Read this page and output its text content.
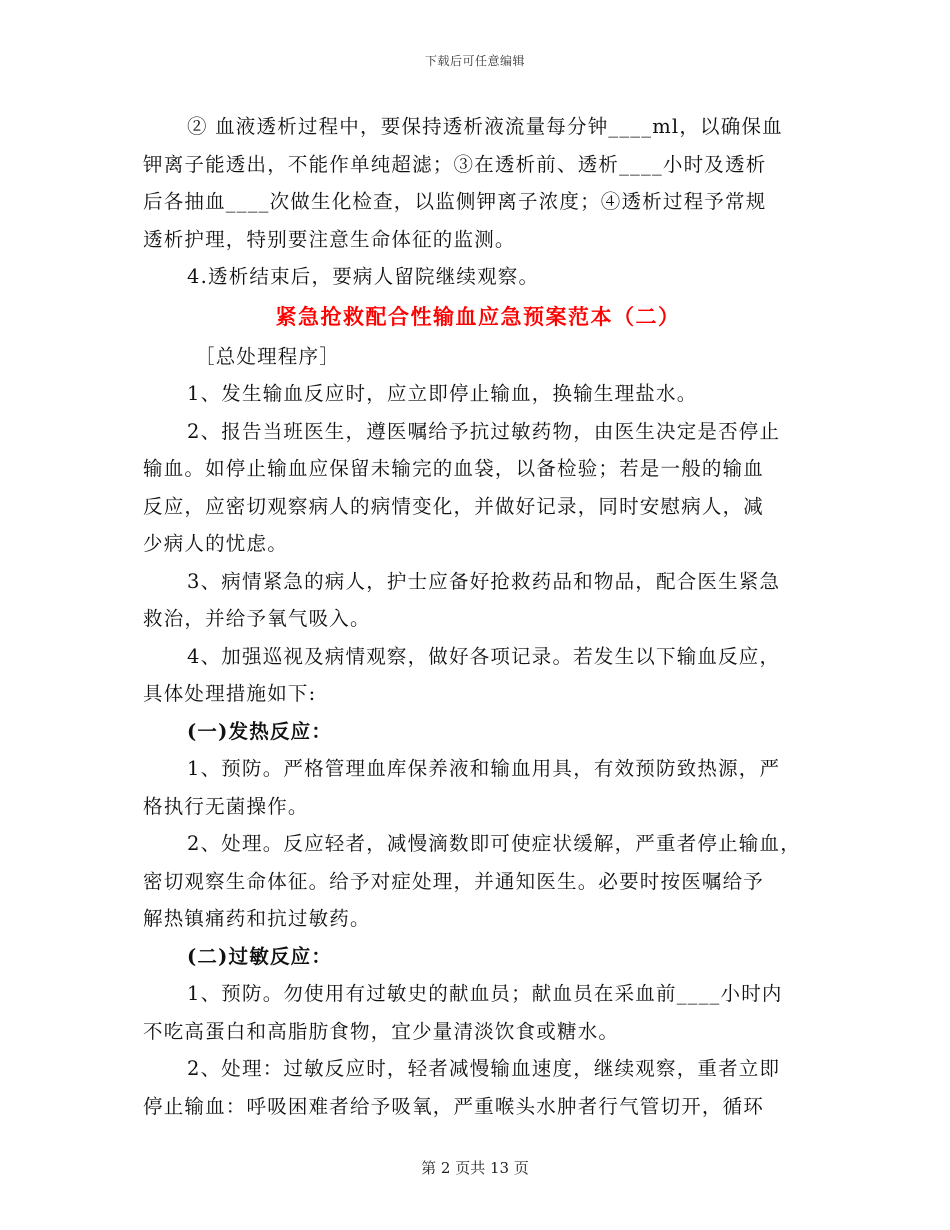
下载后可任意编辑
② 血液透析过程中，要保持透析液流量每分钟____ml，以确保血
钾离子能透出，不能作单纯超滤；③在透析前、透析____小时及透析
后各抽血____次做生化检查，以监侧钾离子浓度；④透析过程予常规
透析护理，特别要注意生命体征的监测。
4.透析结束后，要病人留院继续观察。
紧急抢救配合性输血应急预案范本（二）
［总处理程序］
1、发生输血反应时，应立即停止输血，换输生理盐水。
2、报告当班医生，遵医嘱给予抗过敏药物，由医生决定是否停止
输血。如停止输血应保留未输完的血袋，以备检验；若是一般的输血
反应，应密切观察病人的病情变化，并做好记录，同时安慰病人，减
少病人的忧虑。
3、病情紧急的病人，护士应备好抢救药品和物品，配合医生紧急
救治，并给予氧气吸入。
4、加强巡视及病情观察，做好各项记录。若发生以下输血反应，
具体处理措施如下:
(一)发热反应：
1、预防。严格管理血库保养液和输血用具，有效预防致热源，严
格执行无菌操作。
2、处理。反应轻者，减慢滴数即可使症状缓解，严重者停止输血，
密切观察生命体征。给予对症处理，并通知医生。必要时按医嘱给予
解热镇痛药和抗过敏药。
(二)过敏反应：
1、预防。勿使用有过敏史的献血员；献血员在采血前____小时内
不吃高蛋白和高脂肪食物，宜少量清淡饮食或糖水。
2、处理：过敏反应时，轻者减慢输血速度，继续观察，重者立即
停止输血：呼吸困难者给予吸氧，严重喉头水肿者行气管切开，循环
第 2 页共 13 页
